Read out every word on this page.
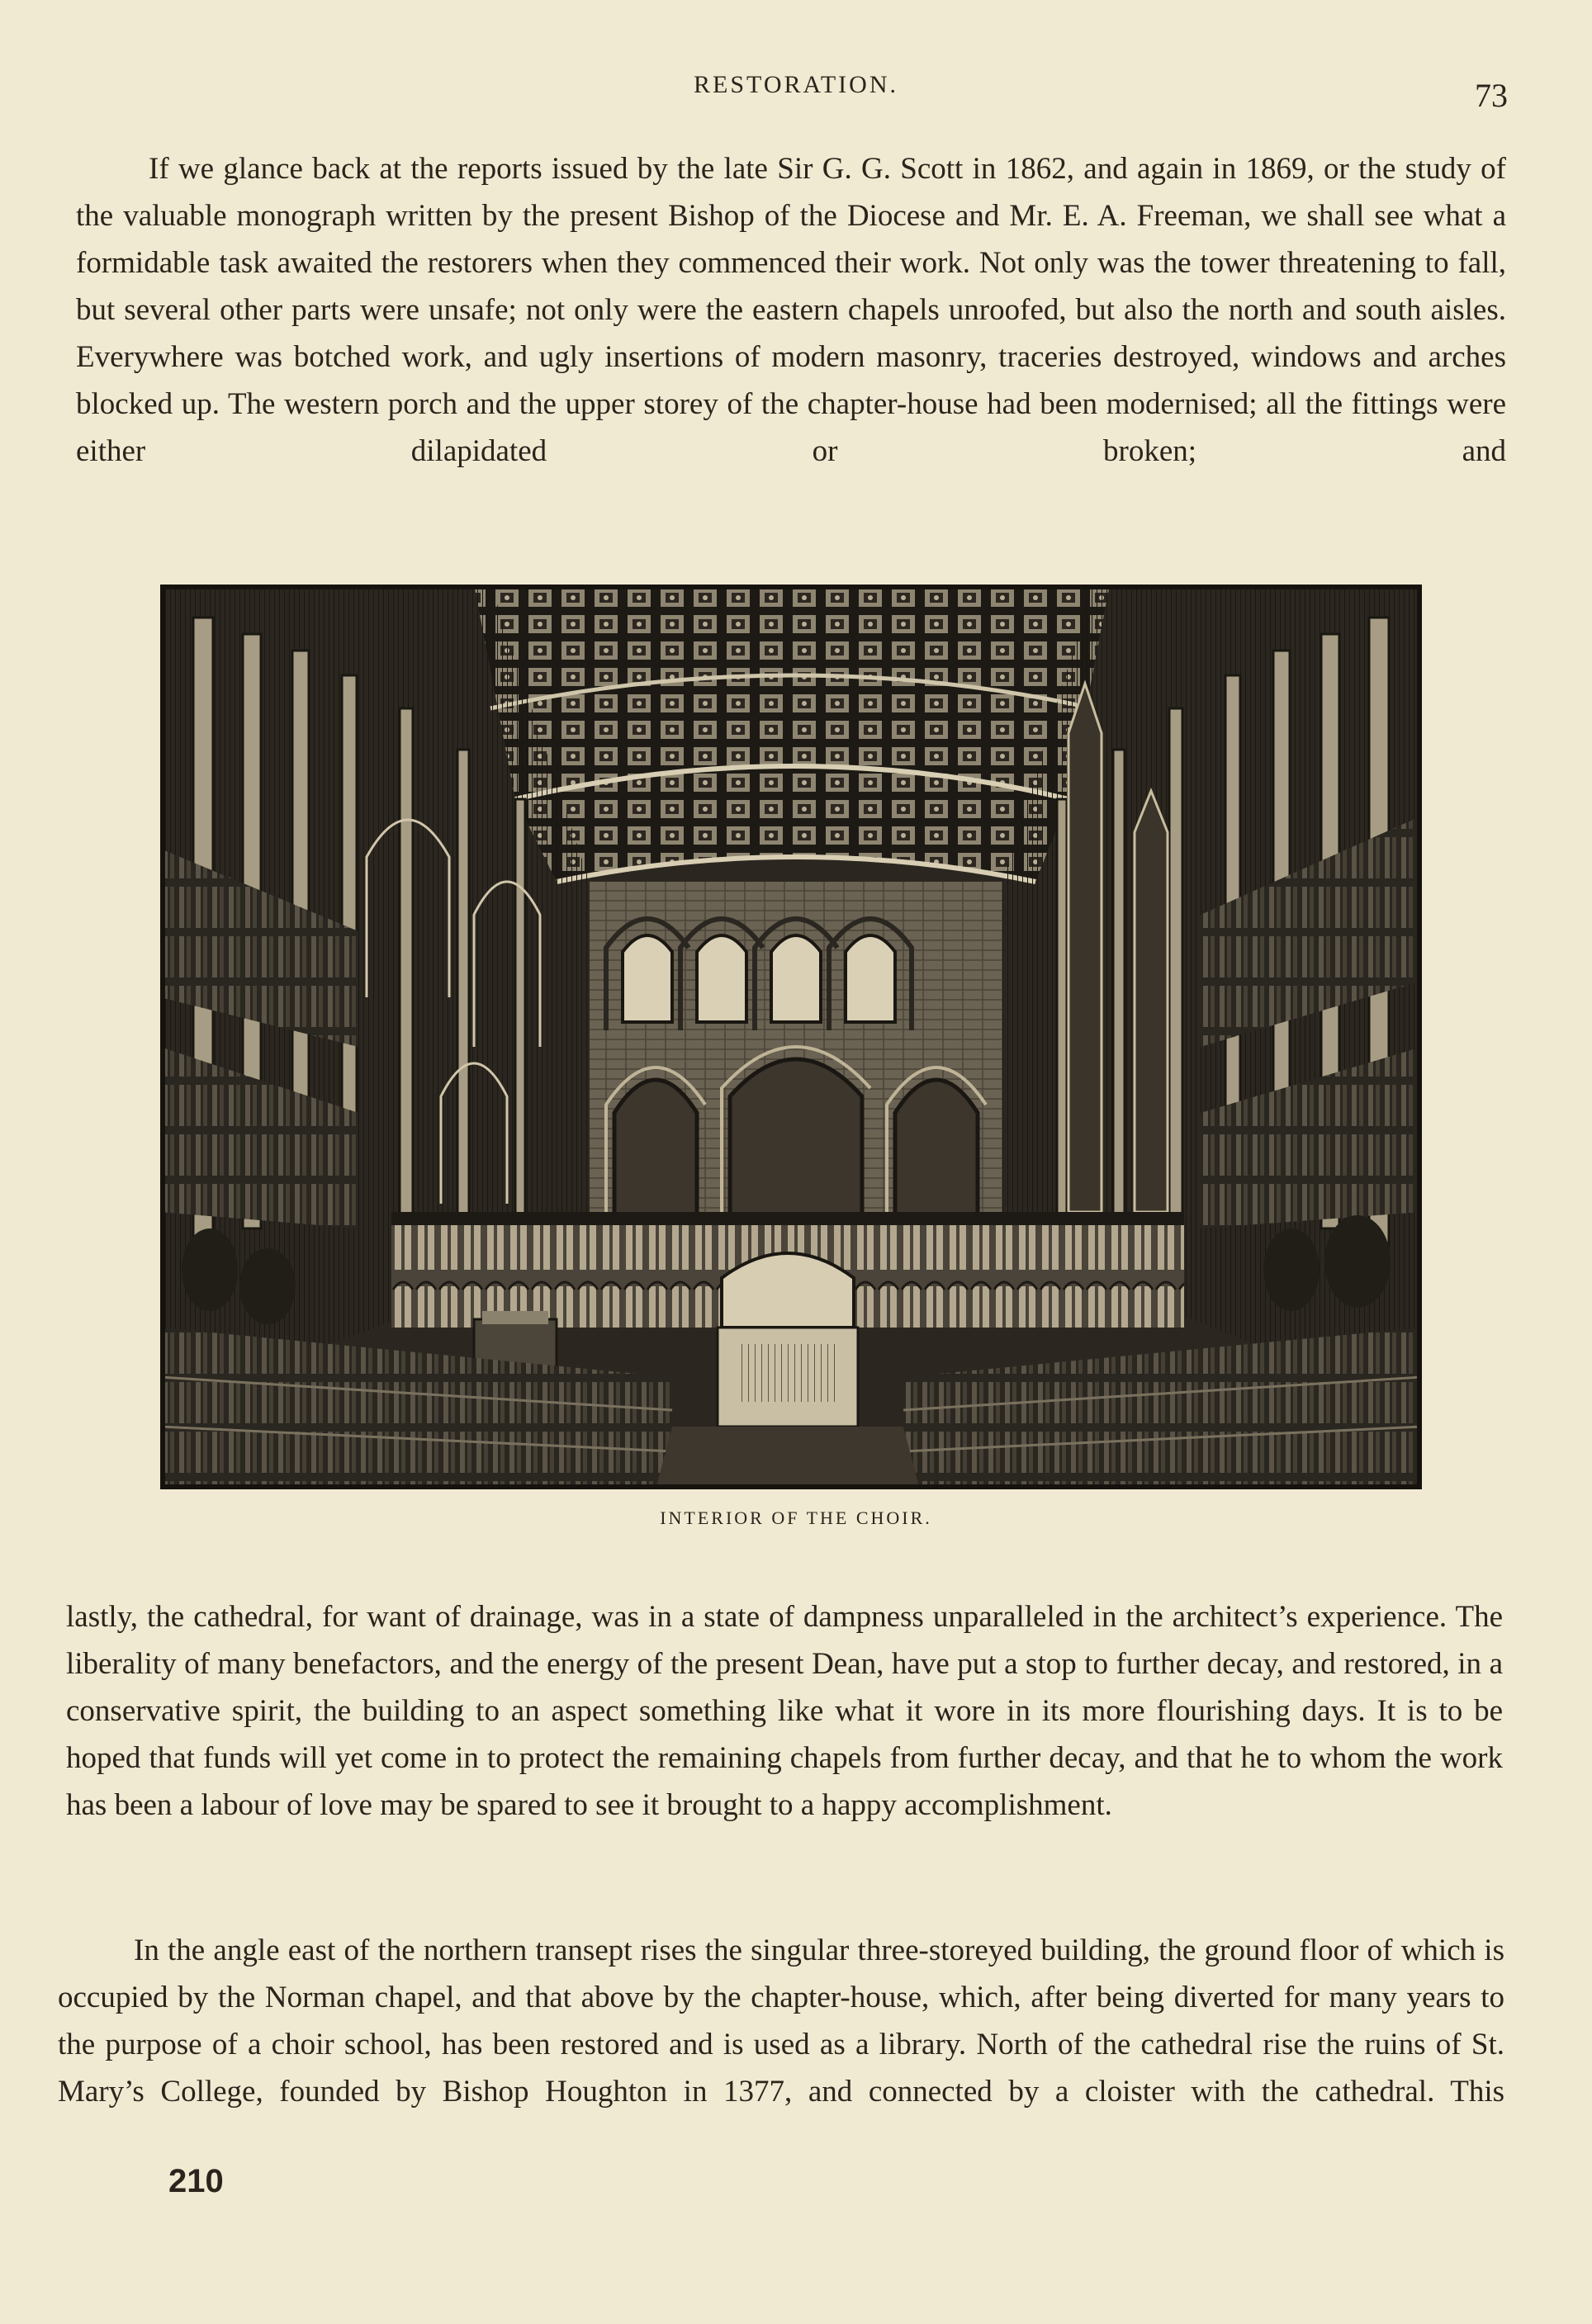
RESTORATION.	73

If we glance back at the reports issued by the late Sir G. G. Scott in 1862, and again in 1869, or the study of the valuable monograph written by the present Bishop of the Diocese and Mr. E. A. Freeman, we shall see what a formidable task awaited the restorers when they commenced their work. Not only was the tower threatening to fall, but several other parts were unsafe; not only were the eastern chapels unroofed, but also the north and south aisles. Everywhere was botched work, and ugly insertions of modern masonry, traceries destroyed, windows and arches blocked up. The western porch and the upper storey of the chapter-house had been modernised; all the fittings were either dilapidated or broken; and

INTERIOR OF THE CHOIR.

lastly, the cathedral, for want of drainage, was in a state of dampness unparalleled in the architect’s experience. The liberality of many benefactors, and the energy of the present Dean, have put a stop to further decay, and restored, in a conservative spirit, the building to an aspect something like what it wore in its more flourishing days. It is to be hoped that funds will yet come in to protect the remaining chapels from further decay, and that he to whom the work has been a labour of love may be spared to see it brought to a happy accomplishment.

In the angle east of the northern transept rises the singular three-storeyed building, the ground floor of which is occupied by the Norman chapel, and that above by the chapter-house, which, after being diverted for many years to the purpose of a choir school, has been restored and is used as a library. North of the cathedral rise the ruins of St. Mary’s College, founded by Bishop Houghton in 1377, and connected by a cloister with the cathedral. This

210
